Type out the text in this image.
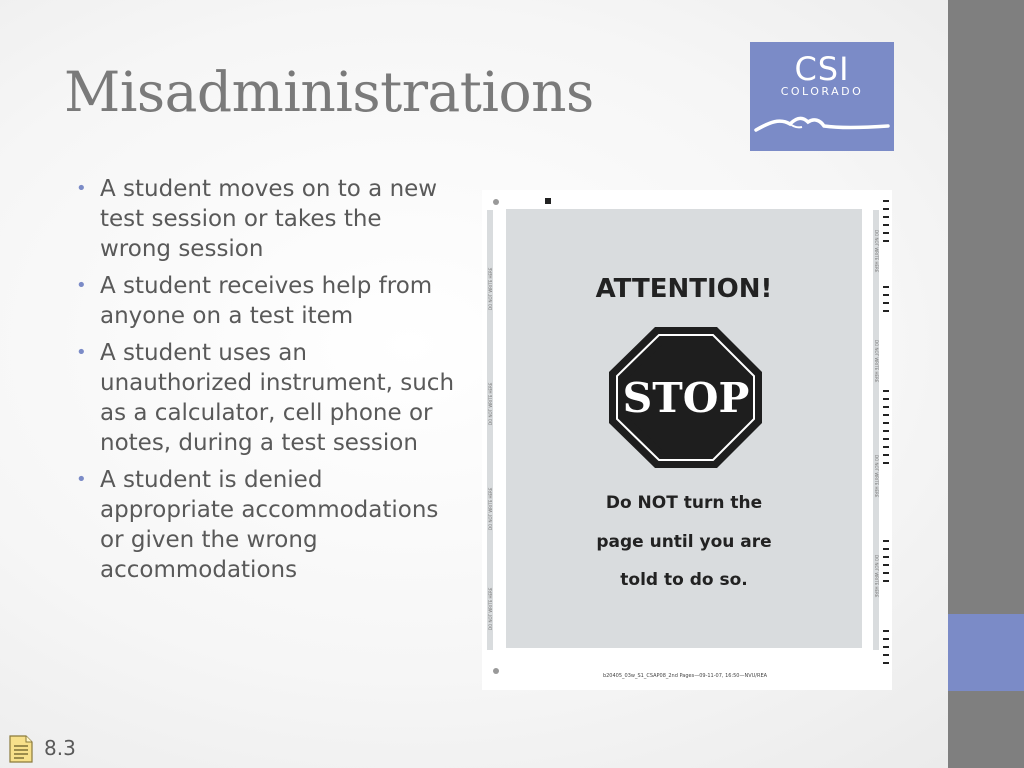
Misadministrations	CSI
COLORADO
• A student moves on to a new test session or takes the wrong session
• A student receives help from anyone on a test item
• A student uses an unauthorized instrument, such as a calculator, cell phone or notes, during a test session
• A student is denied appropriate accommodations or given the wrong accommodations
DO NOT WRITE HERE
DO NOT WRITE HERE
DO NOT WRITE HERE
DO NOT WRITE HERE
DO NOT WRITE HERE
DO NOT WRITE HERE
DO NOT WRITE HERE
DO NOT WRITE HERE
ATTENTION!
STOP
Do NOT turn the
page until you are
told to do so.
b20405_03w_S1_CSAP08_2nd Pages—09-11-07, 16:50—NVU/REA
8.3
